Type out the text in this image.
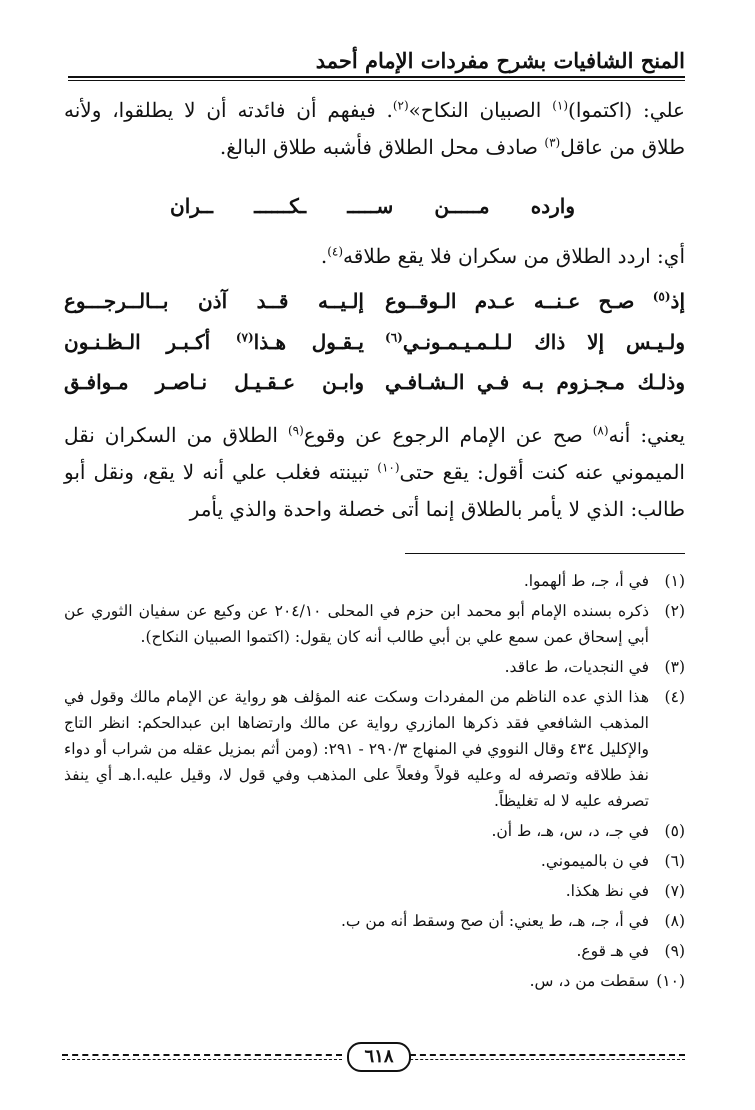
المنح الشافيات بشرح مفردات الإمام أحمد
علي: (اكتموا)$^{(١)}$ الصبيان النكاح»$^{(٢)}$. فيفهم أن فائدته أن لا يطلقوا، ولأنه طلاق من عاقل$^{(٣)}$ صادف محل الطلاق فأشبه طلاق البالغ.
وارده
مـــــن
ســـــ
ـكــــــ
ــران
أي: اردد الطلاق من سكران فلا يقع طلاقه$^{(٤)}$.
إذ$^{(٥)}$ صـح عـنــه عـدم الـوقــوع
إلـيــه قــد آذن بــالــرجـــوع
ولـيـس إلا ذاك لـلـمـيـمـونـي$^{(٦)}$
يـقـول هـذا$^{(٧)}$ أكـبـر الـظـنـون
وذلـك مـجـزوم بـه فـي الـشـافـي
وابـن عـقـيـل نـاصـر مـوافـق
يعني: أنه$^{(٨)}$ صح عن الإمام الرجوع عن وقوع$^{(٩)}$ الطلاق من السكران نقل الميموني عنه كنت أقول: يقع حتى$^{(١٠)}$ تبينته فغلب علي أنه لا يقع، ونقل أبو طالب: الذي لا يأمر بالطلاق إنما أتى خصلة واحدة والذي يأمر
(١)
في أ، جـ، ط ألهموا.
(٢)
ذكره بسنده الإمام أبو محمد ابن حزم في المحلى ٢٠٤/١٠ عن وكيع عن سفيان الثوري عن أبي إسحاق عمن سمع علي بن أبي طالب أنه كان يقول: (اكتموا الصبيان النكاح).
(٣)
في النجديات، ط عاقد.
(٤)
هذا الذي عده الناظم من المفردات وسكت عنه المؤلف هو رواية عن الإمام مالك وقول في المذهب الشافعي فقد ذكرها المازري رواية عن مالك وارتضاها ابن عبدالحكم: انظر التاج والإكليل ٤٣٤ وقال النووي في المنهاج ٢٩٠/٣ - ٢٩١: (ومن أثم بمزيل عقله من شراب أو دواء نفذ طلاقه وتصرفه له وعليه قولاً وفعلاً على المذهب وفي قول لا، وقيل عليه.ا.هـ أي ينفذ تصرفه عليه لا له تغليظاً.
(٥)
في جـ، د، س، هـ، ط أن.
(٦)
في ن بالميموني.
(٧)
في نظ هكذا.
(٨)
في أ، جـ، هـ، ط يعني: أن صح وسقط أنه من ب.
(٩)
في هـ قوع.
(١٠)
سقطت من د، س.
٦١٨
